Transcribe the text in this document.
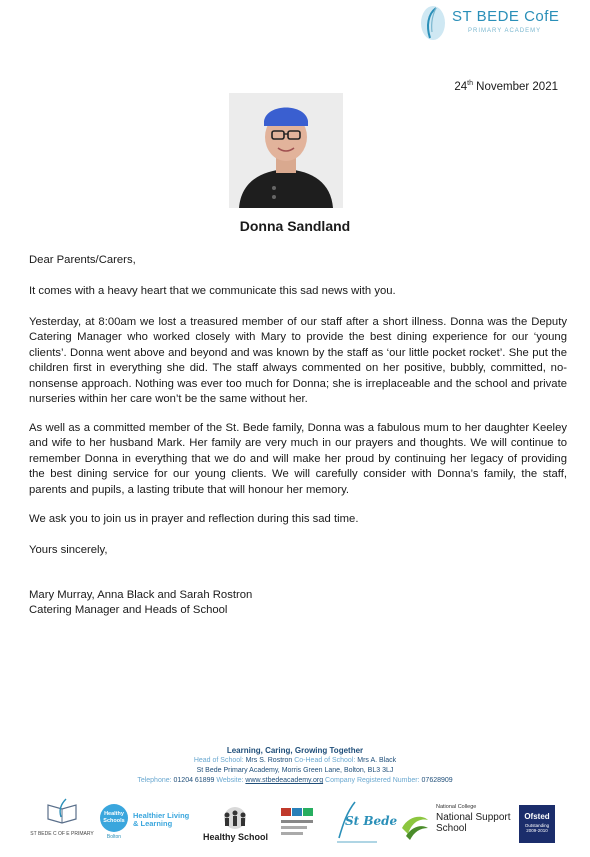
ST BEDE CofE
PRIMARY ACADEMY
24th November 2021
Donna Sandland
Dear Parents/Carers,
It comes with a heavy heart that we communicate this sad news with you.
Yesterday, at 8:00am we lost a treasured member of our staff after a short illness. Donna was the Deputy Catering Manager who worked closely with Mary to provide the best dining experience for our ‘young clients’. Donna went above and beyond and was known by the staff as ‘our little pocket rocket’. She put the children first in everything she did. The staff always commented on her positive, bubbly, committed, no-nonsense approach. Nothing was ever too much for Donna; she is irreplaceable and the school and private nurseries within her care won’t be the same without her.
As well as a committed member of the St. Bede family, Donna was a fabulous mum to her daughter Keeley and wife to her husband Mark. Her family are very much in our prayers and thoughts. We will continue to remember Donna in everything that we do and will make her proud by continuing her legacy of providing the best dining service for our young clients. We will carefully consider with Donna’s family, the staff, parents and pupils, a lasting tribute that will honour her memory.
We ask you to join us in prayer and reflection during this sad time.
Yours sincerely,
Mary Murray, Anna Black and Sarah Rostron
Catering Manager and Heads of School
Learning, Caring, Growing Together
Head of School: Mrs S. Rostron Co-Head of School: Mrs A. Black
St Bede Primary Academy, Morris Green Lane, Bolton, BL3 3LJ
Telephone: 01204 61899 Website: www.stbedeacademy.org Company Registered Number: 07628909
ST BEDE C OF E PRIMARY
Healthy Schools
Bolton
Healthier Living & Learning
Healthy School
St Bede
National College
National Support School
Ofsted
Outstanding
2009-2010
